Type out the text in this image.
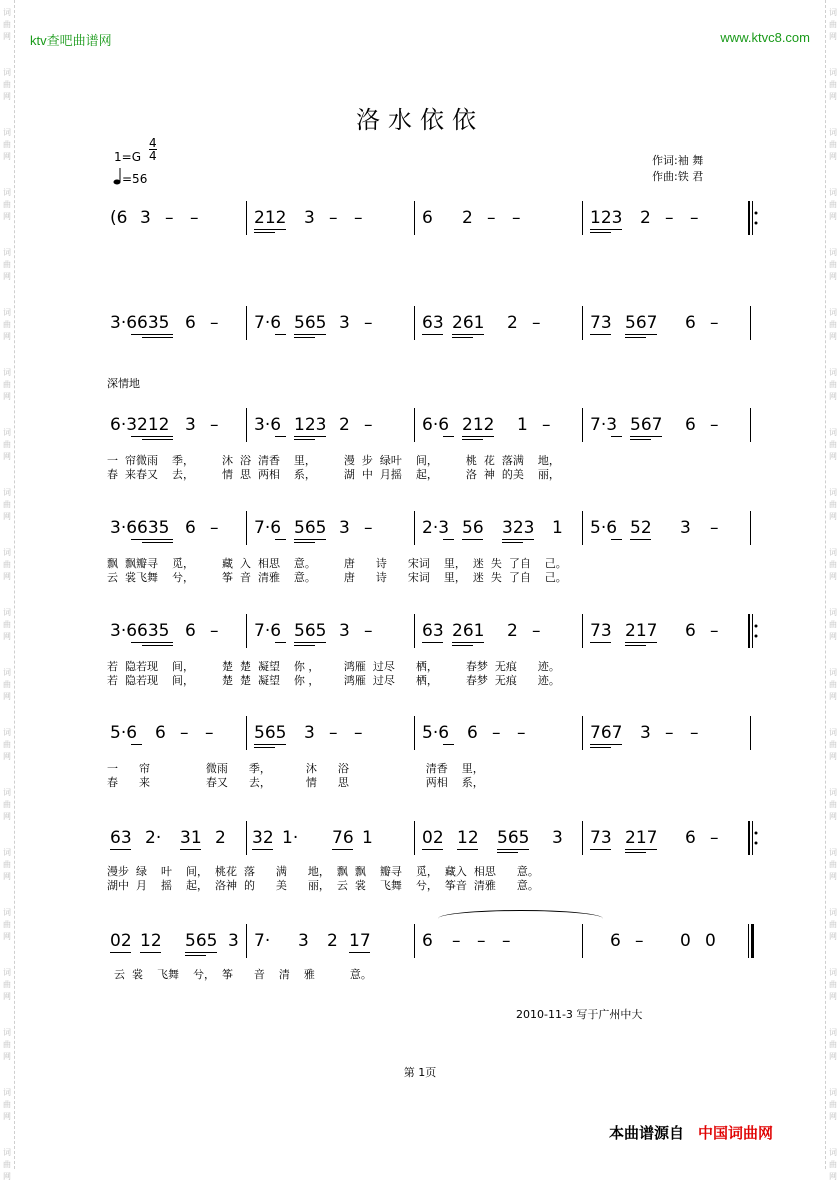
词
曲
网
词
曲
网
词
曲
网
词
曲
网
词
曲
网
词
曲
网
词
曲
网
词
曲
网
词
曲
网
词
曲
网
词
曲
网
词
曲
网
词
曲
网
词
曲
网
词
曲
网
词
曲
网
词
曲
网
词
曲
网
词
曲
网
词
曲
网
词
曲
网
词
曲
网
词
曲
网
词
曲
网
词
曲
网
词
曲
网
词
曲
网
词
曲
网
词
曲
网
词
曲
网
词
曲
网
词
曲
网
词
曲
网
词
曲
网
词
曲
网
词
曲
网
词
曲
网
词
曲
网
词
曲
网
词
曲
网
ktv查吧曲谱网	www.ktvc8.com
洛水依依
1=G
4
4
=56
作词:袖 舞
作曲:铁 君
深情地
(6 3 – –	212 3 – –	6 2 – –	123 2 – –
3·6635 6 – 7·6 565 3 –	63 261 2 –	73 567 6 –
6·3212 3 – 3·6 123 2 –	6·6 212 1 – 7·3 567 6 –
3·6635 6 – 7·6 565 3 –	2·3 56 323 1 5·6 52 3 –
3·6635 6 – 7·6 565 3 –	63 261 2 –	73 217 6 –
5·6 6 – – 565 3 – –	5·6 6 – –	767 3 – –
63 2· 31 2 32 1· 76 1	02 12 565 3 73 217 6 –
02 12 565 3 7· 3 2 17	6 – – –	6 – 0 0
一  帘微雨    季，        沐  浴  清香    里，        漫  步  绿叶    间，        桃  花  落满    地，
春  来春又    去，        情  思  两相    系，        湖  中  月摇    起，        洛  神  的美    丽，
飘  飘瓣寻    觅，        藏  入  相思    意。        唐      诗      宋词    里，  迷  失  了自    己。
云  裳飞舞    兮，        筝  音  清雅    意。        唐      诗      宋词    里，  迷  失  了自    己。
若  隐若现    间，        楚  楚  凝望    你 ，       鸿雁  过尽      栖，        春梦  无痕      迹。
若  隐若现    间，        楚  楚  凝望    你 ，       鸿雁  过尽      栖，        春梦  无痕      迹。
一      帘                微雨      季，          沐      浴                      清香    里，
春      来                春又      去，          情      思                      两相    系，
漫步  绿    叶    间，  桃花  落      满      地，  飘  飘    瓣寻    觅，  藏入  相思      意。
湖中  月    摇    起，  洛神  的      美      丽，  云  裳    飞舞    兮，  筝音  清雅      意。
云  裳    飞舞    兮，  筝      音    清    雅          意。
2010-11-3 写于广州中大
第 1页
本曲谱源自 中国词曲网
